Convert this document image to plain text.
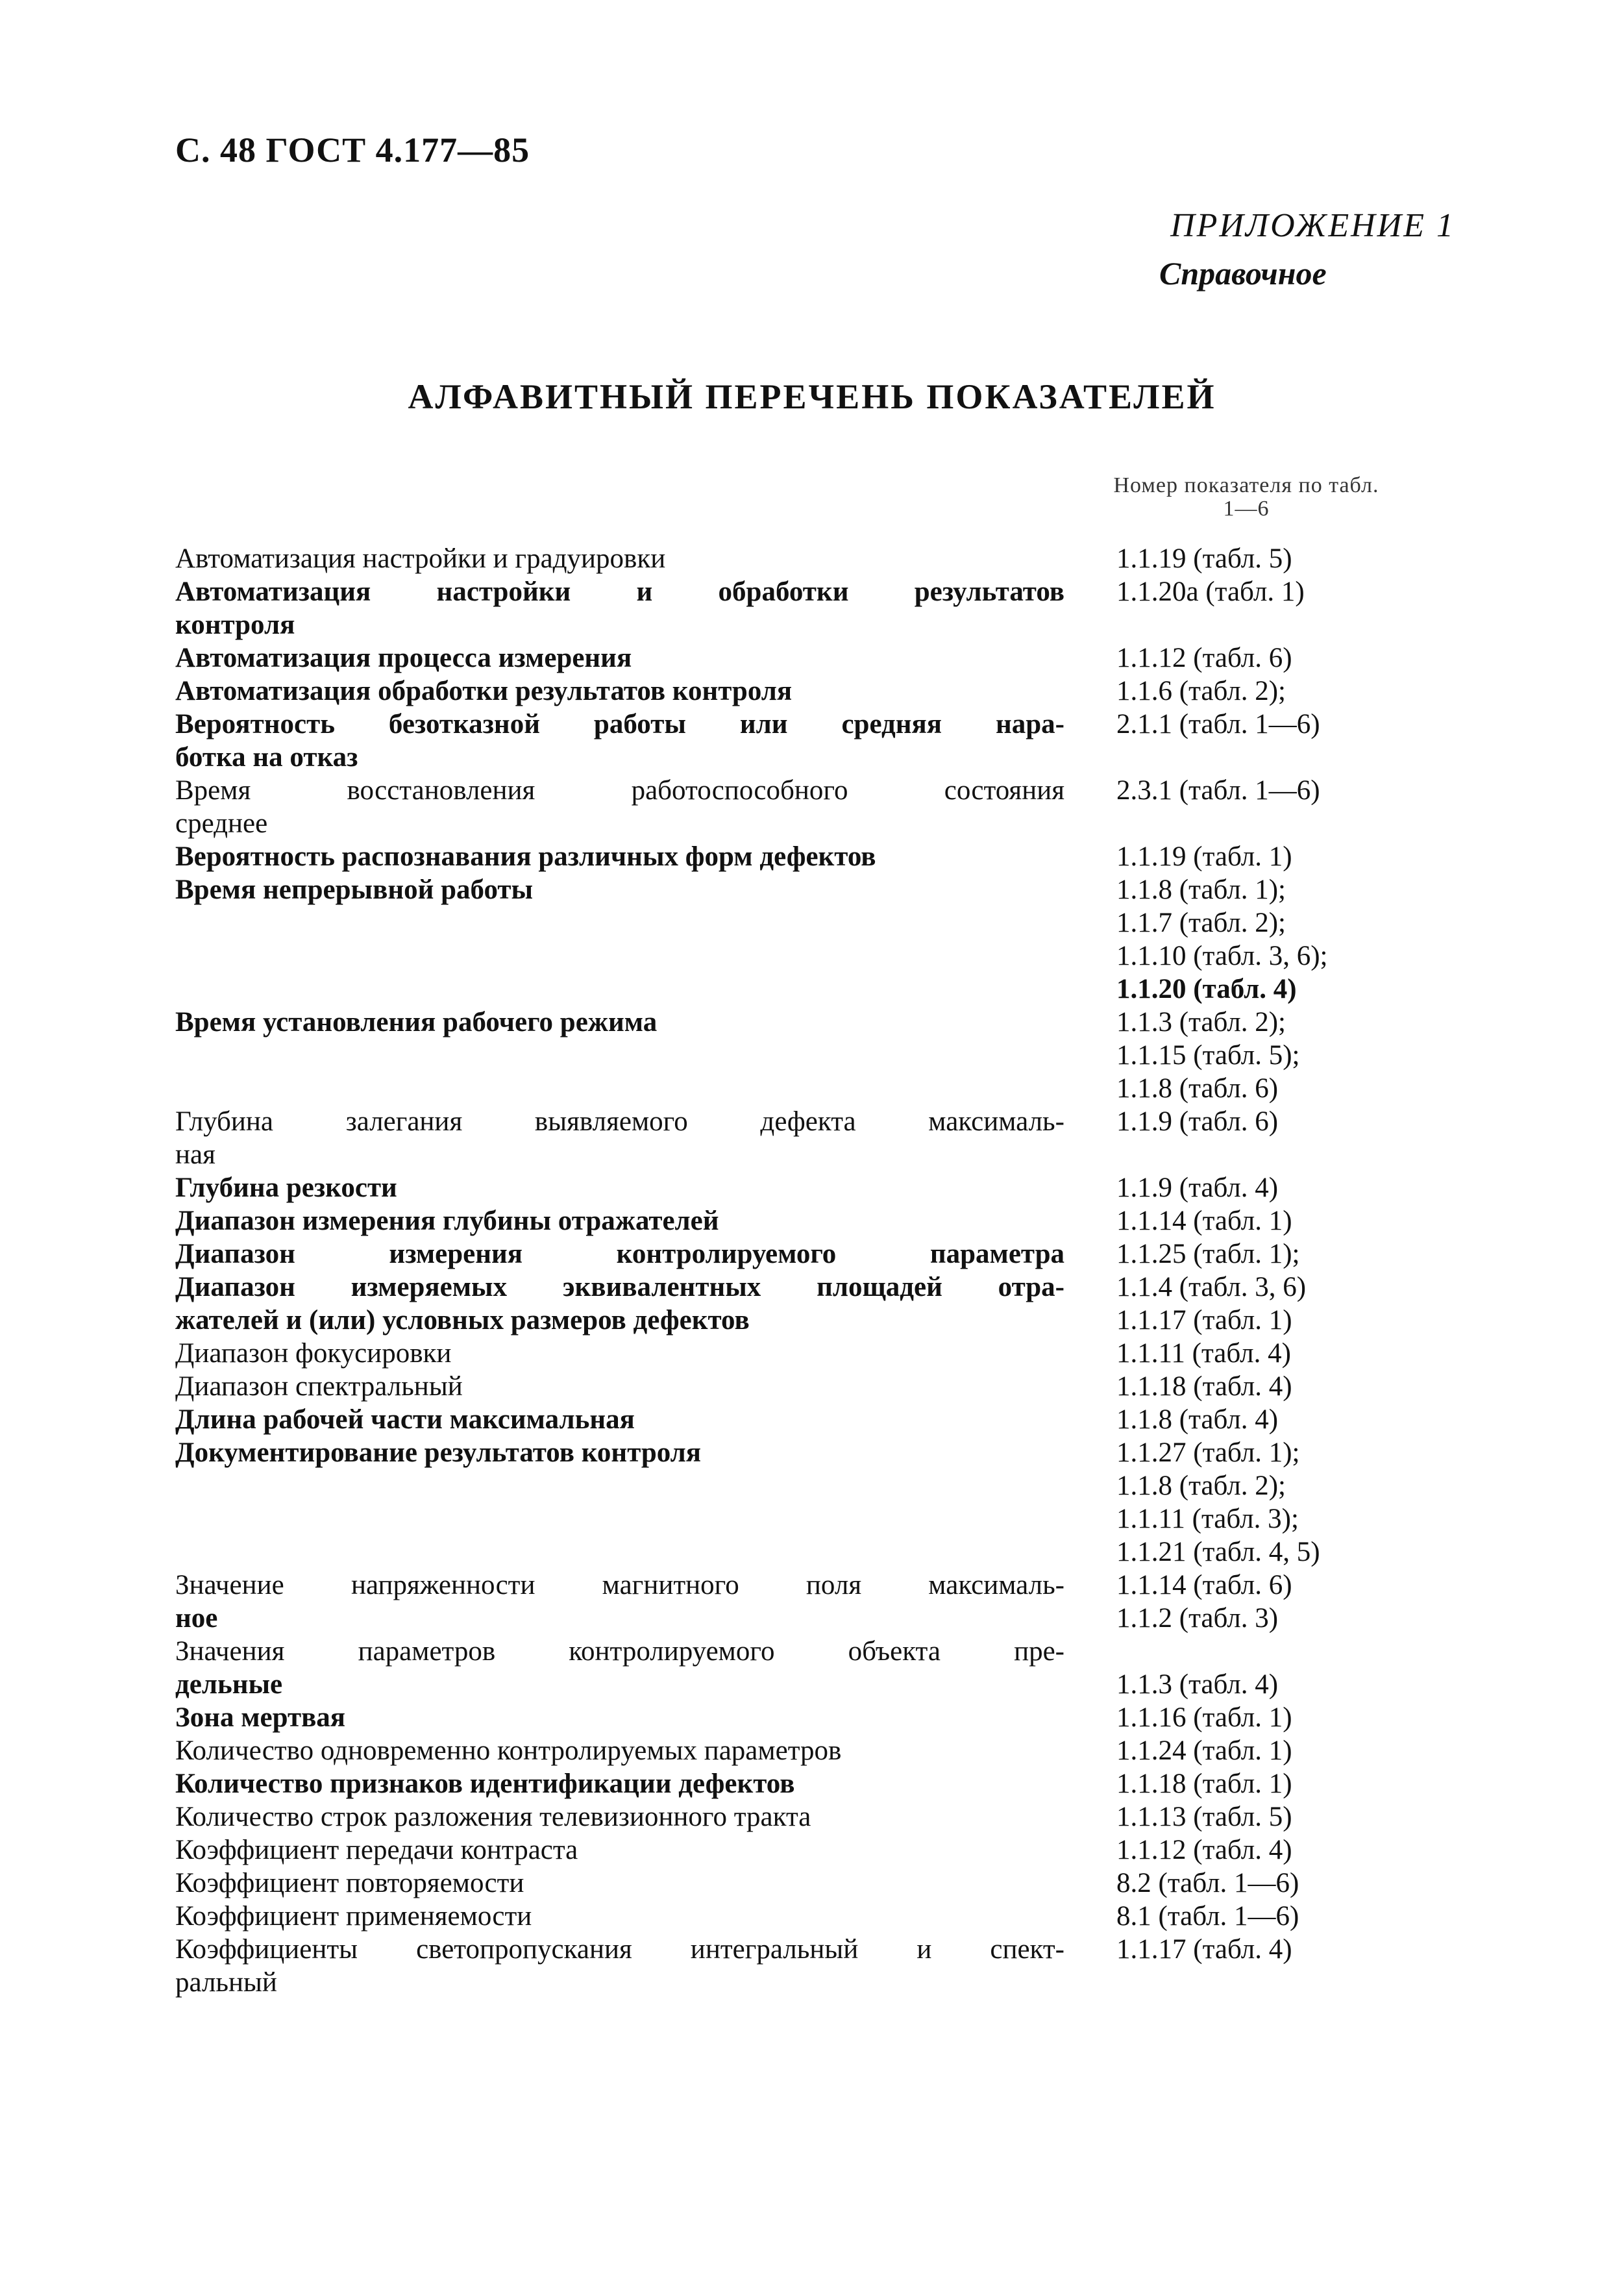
С. 48 ГОСТ 4.177—85
ПРИЛОЖЕНИЕ 1
Справочное
АЛФАВИТНЫЙ ПЕРЕЧЕНЬ ПОКАЗАТЕЛЕЙ
Номер показателя по табл.
1—6
Автоматизация настройки и градуировки
Автоматизация настройки и обработки результатов
контроля
Автоматизация процесса измерения
Автоматизация обработки результатов контроля
Вероятность безотказной работы или средняя нара-
ботка на отказ
Время восстановления работоспособного состояния
среднее
Вероятность распознавания различных форм дефектов
Время непрерывной работы
Время установления рабочего режима
Глубина залегания выявляемого дефекта максималь-
ная
Глубина резкости
Диапазон измерения глубины отражателей
Диапазон измерения контролируемого параметра
Диапазон измеряемых эквивалентных площадей отра-
жателей и (или) условных размеров дефектов
Диапазон фокусировки
Диапазон спектральный
Длина рабочей части максимальная
Документирование результатов контроля
Значение напряженности магнитного поля максималь-
ное
Значения параметров контролируемого объекта пре-
дельные
Зона мертвая
Количество одновременно контролируемых параметров
Количество признаков идентификации дефектов
Количество строк разложения телевизионного тракта
Коэффициент передачи контраста
Коэффициент повторяемости
Коэффициент применяемости
Коэффициенты светопропускания интегральный и спект-
ральный
1.1.19 (табл. 5)
1.1.20а (табл. 1)
1.1.12 (табл. 6)
1.1.6 (табл. 2);
2.1.1 (табл. 1—6)
2.3.1 (табл. 1—6)
1.1.19 (табл. 1)
1.1.8 (табл. 1);
1.1.7 (табл. 2);
1.1.10 (табл. 3, 6);
1.1.20 (табл. 4)
1.1.3 (табл. 2);
1.1.15 (табл. 5);
1.1.8 (табл. 6)
1.1.9 (табл. 6)
1.1.9 (табл. 4)
1.1.14 (табл. 1)
1.1.25 (табл. 1);
1.1.4 (табл. 3, 6)
1.1.17 (табл. 1)
1.1.11 (табл. 4)
1.1.18 (табл. 4)
1.1.8 (табл. 4)
1.1.27 (табл. 1);
1.1.8 (табл. 2);
1.1.11 (табл. 3);
1.1.21 (табл. 4, 5)
1.1.14 (табл. 6)
1.1.2 (табл. 3)
1.1.3 (табл. 4)
1.1.16 (табл. 1)
1.1.24 (табл. 1)
1.1.18 (табл. 1)
1.1.13 (табл. 5)
1.1.12 (табл. 4)
8.2 (табл. 1—6)
8.1 (табл. 1—6)
1.1.17 (табл. 4)
